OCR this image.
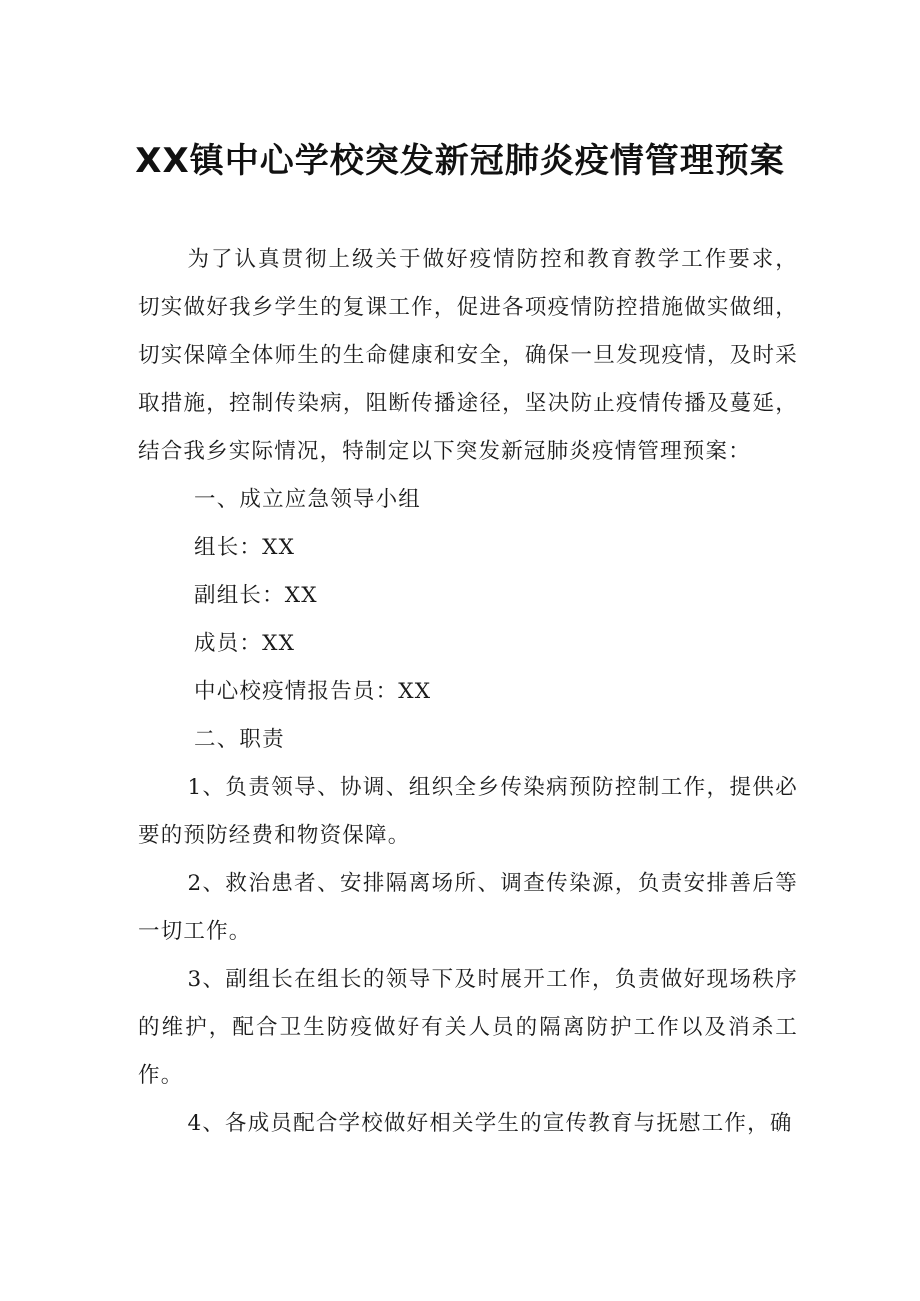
XX镇中心学校突发新冠肺炎疫情管理预案

为了认真贯彻上级关于做好疫情防控和教育教学工作要求，切实做好我乡学生的复课工作，促进各项疫情防控措施做实做细，切实保障全体师生的生命健康和安全，确保一旦发现疫情，及时采取措施，控制传染病，阻断传播途径，坚决防止疫情传播及蔓延，结合我乡实际情况，特制定以下突发新冠肺炎疫情管理预案：

一、成立应急领导小组

组长：XX

副组长：XX

成员：XX

中心校疫情报告员：XX

二、职责

1、负责领导、协调、组织全乡传染病预防控制工作，提供必要的预防经费和物资保障。

2、救治患者、安排隔离场所、调查传染源，负责安排善后等一切工作。

3、副组长在组长的领导下及时展开工作，负责做好现场秩序的维护，配合卫生防疫做好有关人员的隔离防护工作以及消杀工作。

4、各成员配合学校做好相关学生的宣传教育与抚慰工作，确
